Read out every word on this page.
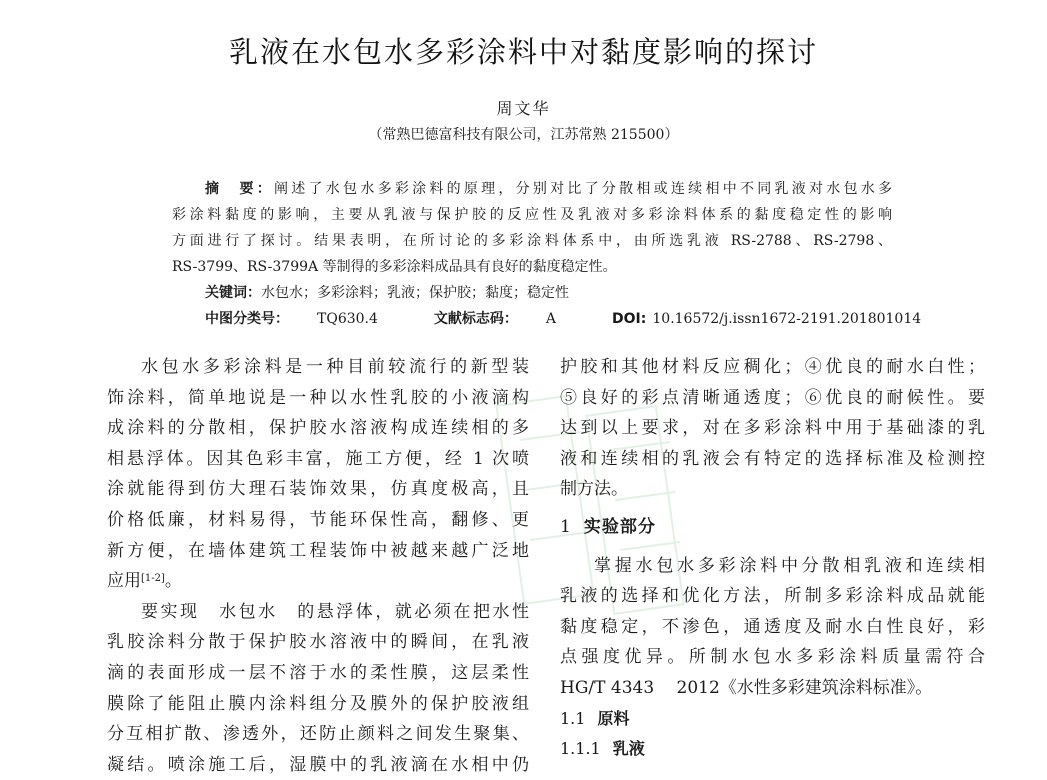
乳液在水包水多彩涂料中对黏度影响的探讨
周文华
（常熟巴德富科技有限公司，江苏常熟 215500）
摘　要：阐述了水包水多彩涂料的原理，分别对比了分散相或连续相中不同乳液对水包水多
彩涂料黏度的影响，主要从乳液与保护胶的反应性及乳液对多彩涂料体系的黏度稳定性的影响
方面进行了探讨。结果表明，在所讨论的多彩涂料体系中，由所选乳液 RS-2788、RS-2798、
RS-3799、RS-3799A 等制得的多彩涂料成品具有良好的黏度稳定性。
关键词：水包水；多彩涂料；乳液；保护胶；黏度；稳定性
中图分类号： TQ630.4	文献标志码： A	DOI: 10.16572/j.issn1672-2191.201801014
水包水多彩涂料是一种目前较流行的新型装
饰涂料，简单地说是一种以水性乳胶的小液滴构
成涂料的分散相，保护胶水溶液构成连续相的多
相悬浮体。因其色彩丰富，施工方便，经 1 次喷
涂就能得到仿大理石装饰效果，仿真度极高，且
价格低廉，材料易得，节能环保性高，翻修、更
新方便，在墙体建筑工程装饰中被越来越广泛地
应用[1-2]。
要实现　水包水　的悬浮体，就必须在把水性
乳胶涂料分散于保护胶水溶液中的瞬间，在乳液
滴的表面形成一层不溶于水的柔性膜，这层柔性
膜除了能阻止膜内涂料组分及膜外的保护胶液组
分互相扩散、渗透外，还防止颜料之间发生聚集、
凝结。喷涂施工后，湿膜中的乳液滴在水相中仍
护胶和其他材料反应稠化；④优良的耐水白性；
⑤良好的彩点清晰通透度；⑥优良的耐候性。要
达到以上要求，对在多彩涂料中用于基础漆的乳
液和连续相的乳液会有特定的选择标准及检测控
制方法。
1 实验部分
掌握水包水多彩涂料中分散相乳液和连续相
乳液的选择和优化方法，所制多彩涂料成品就能
黏度稳定，不渗色，通透度及耐水白性良好，彩
点强度优异。所制水包水多彩涂料质量需符合
HG/T 4343　 2012《水性多彩建筑涂料标准》。
1.1 原料
1.1.1 乳液
